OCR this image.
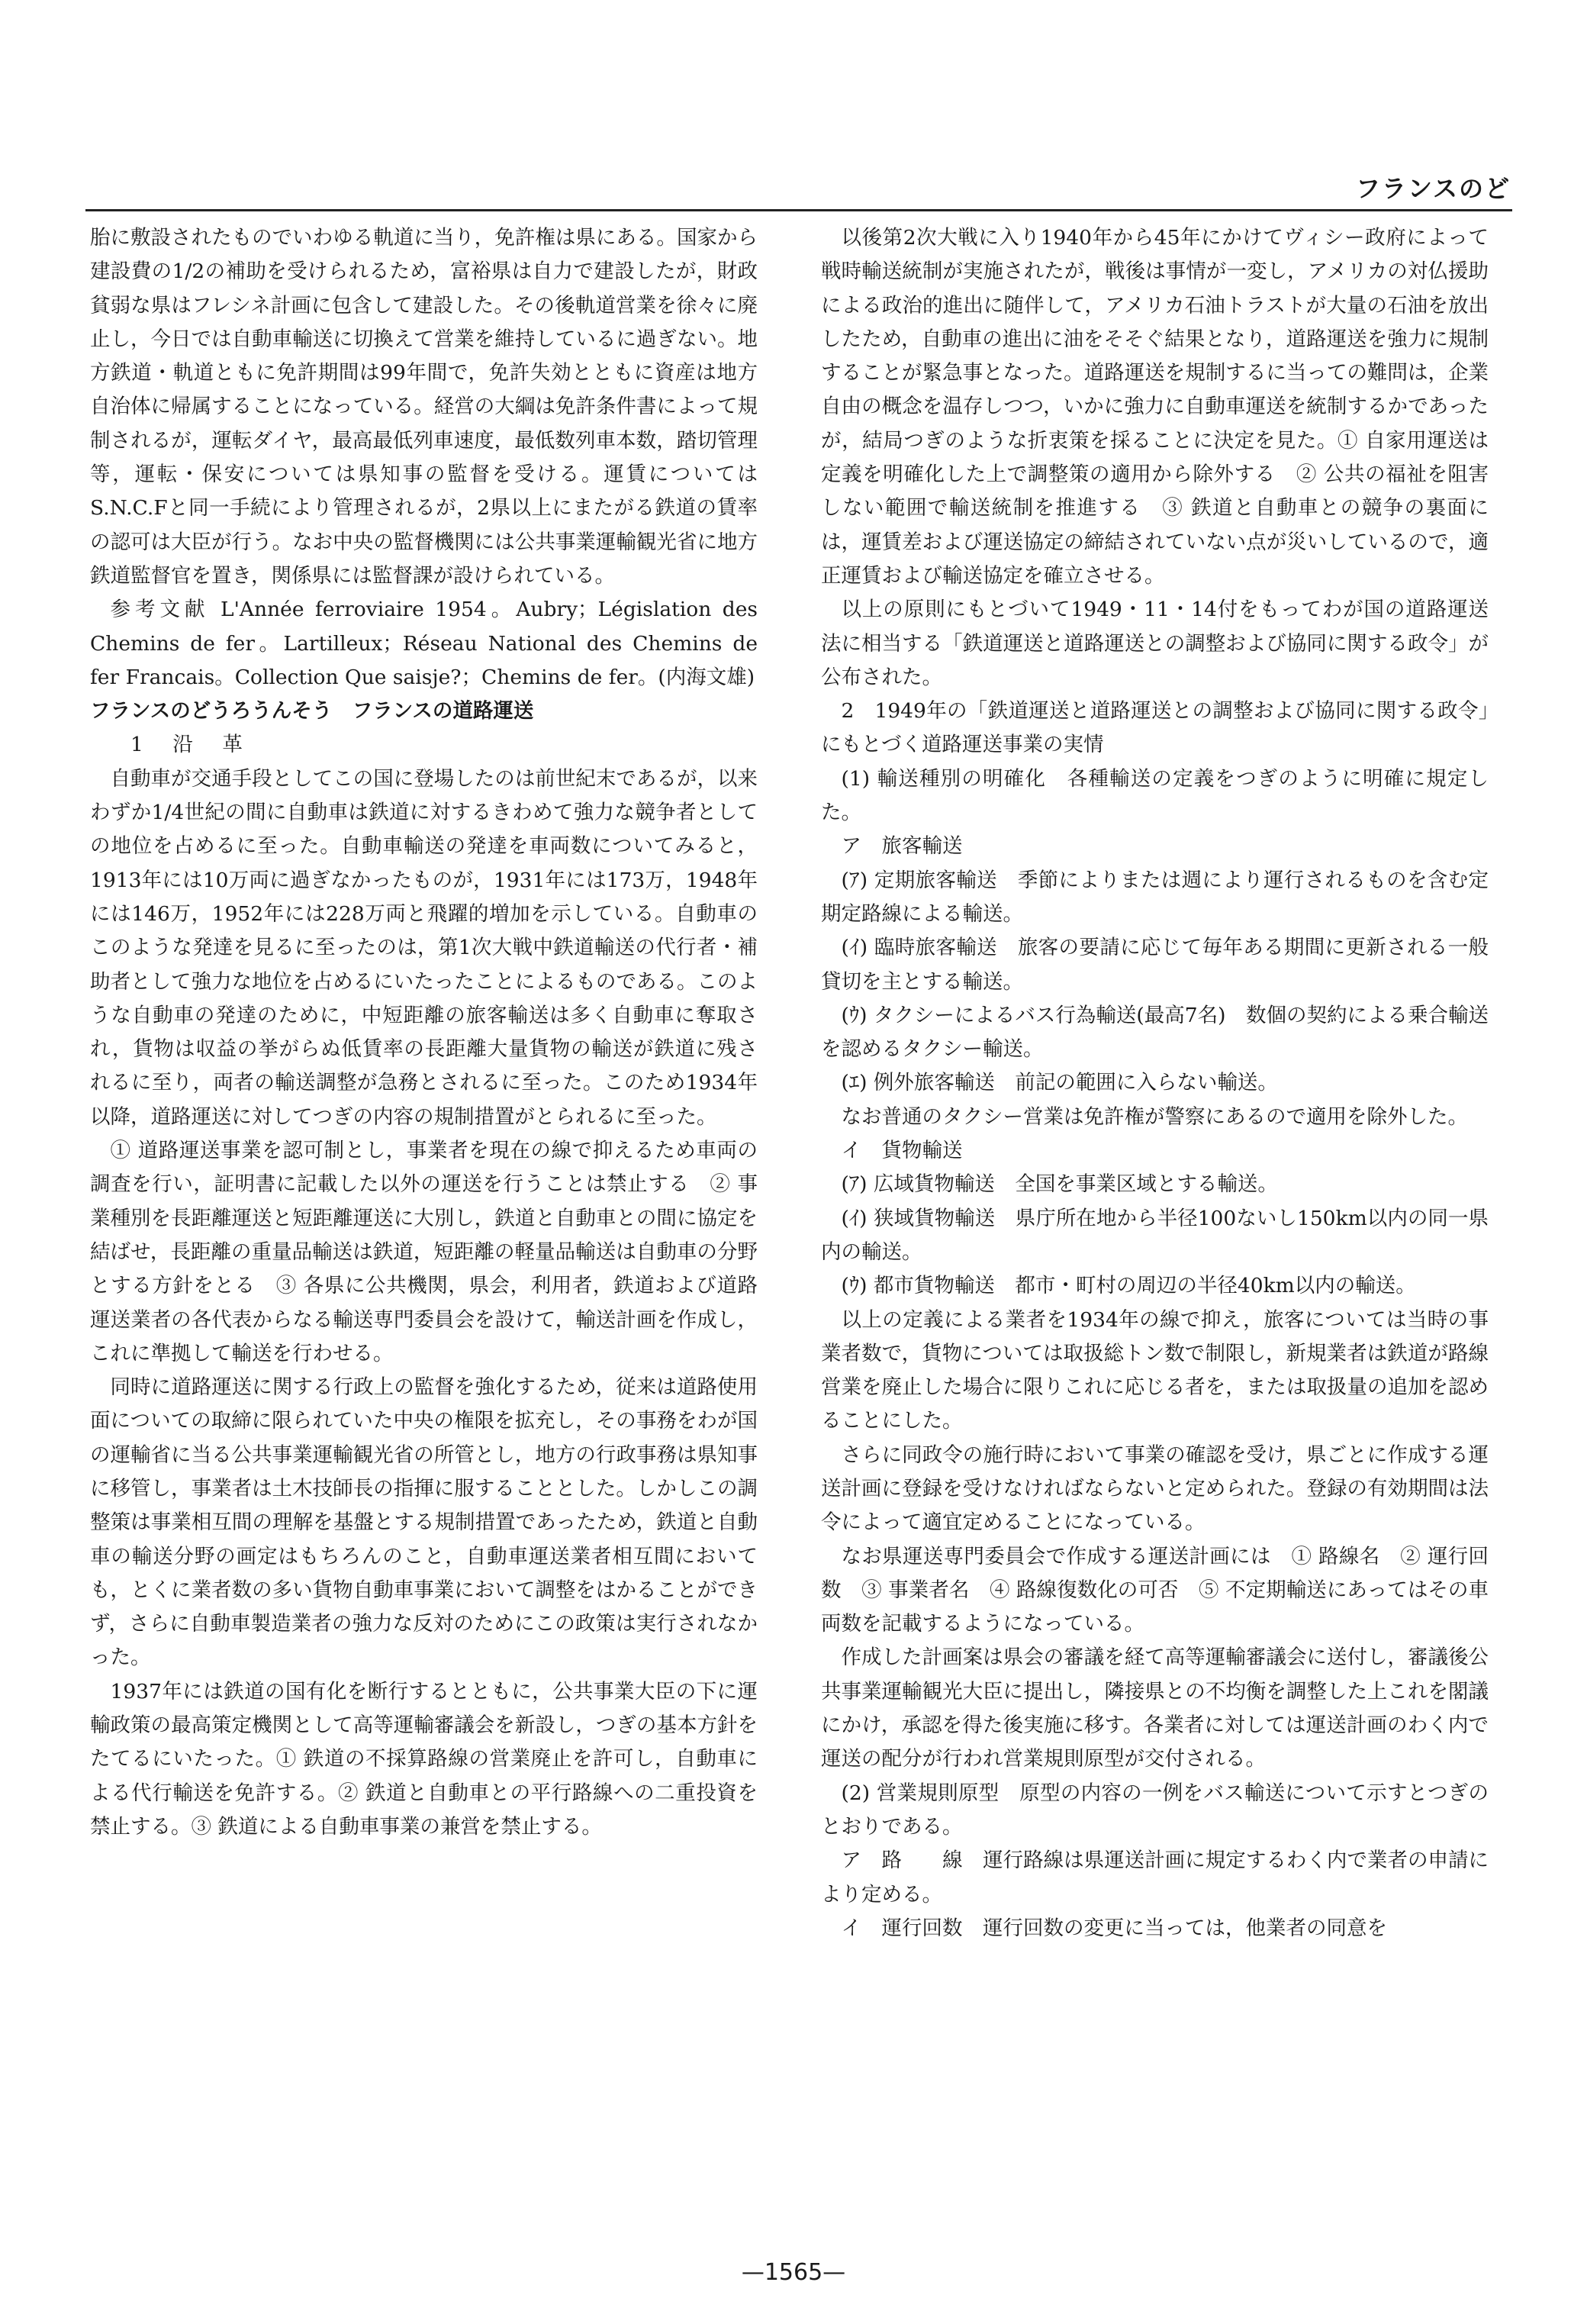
フランスのど

胎に敷設されたものでいわゆる軌道に当り，免許権は県にある。国家から建設費の1/2の補助を受けられるため，富裕県は自力で建設したが，財政貧弱な県はフレシネ計画に包含して建設した。その後軌道営業を徐々に廃止し，今日では自動車輸送に切換えて営業を維持しているに過ぎない。地方鉄道・軌道ともに免許期間は99年間で，免許失効とともに資産は地方自治体に帰属することになっている。経営の大綱は免許条件書によって規制されるが，運転ダイヤ，最高最低列車速度，最低数列車本数，踏切管理等，運転・保安については県知事の監督を受ける。運賃についてはS.N.C.Fと同一手続により管理されるが，2県以上にまたがる鉄道の賃率の認可は大臣が行う。なお中央の監督機関には公共事業運輸観光省に地方鉄道監督官を置き，関係県には監督課が設けられている。

参考文献 L'Année ferroviaire 1954。Aubry；Législation des Chemins de fer。Lartilleux；Réseau National des Chemins de fer Francais。Collection Que saisje?；Chemins de fer。(内海文雄)

フランスのどうろうんそう　フランスの道路運送

1　沿　革

自動車が交通手段としてこの国に登場したのは前世紀末であるが，以来わずか1/4世紀の間に自動車は鉄道に対するきわめて強力な競争者としての地位を占めるに至った。自動車輸送の発達を車両数についてみると，1913年には10万両に過ぎなかったものが，1931年には173万，1948年には146万，1952年には228万両と飛躍的増加を示している。自動車のこのような発達を見るに至ったのは，第1次大戦中鉄道輸送の代行者・補助者として強力な地位を占めるにいたったことによるものである。このような自動車の発達のために，中短距離の旅客輸送は多く自動車に奪取され，貨物は収益の挙がらぬ低賃率の長距離大量貨物の輸送が鉄道に残されるに至り，両者の輸送調整が急務とされるに至った。このため1934年以降，道路運送に対してつぎの内容の規制措置がとられるに至った。

① 道路運送事業を認可制とし，事業者を現在の線で抑えるため車両の調査を行い，証明書に記載した以外の運送を行うことは禁止する　② 事業種別を長距離運送と短距離運送に大別し，鉄道と自動車との間に協定を結ばせ，長距離の重量品輸送は鉄道，短距離の軽量品輸送は自動車の分野とする方針をとる　③ 各県に公共機関，県会，利用者，鉄道および道路運送業者の各代表からなる輸送専門委員会を設けて，輸送計画を作成し，これに準拠して輸送を行わせる。

同時に道路運送に関する行政上の監督を強化するため，従来は道路使用面についての取締に限られていた中央の権限を拡充し，その事務をわが国の運輸省に当る公共事業運輸観光省の所管とし，地方の行政事務は県知事に移管し，事業者は土木技師長の指揮に服することとした。しかしこの調整策は事業相互間の理解を基盤とする規制措置であったため，鉄道と自動車の輸送分野の画定はもちろんのこと，自動車運送業者相互間においても，とくに業者数の多い貨物自動車事業において調整をはかることができず，さらに自動車製造業者の強力な反対のためにこの政策は実行されなかった。

1937年には鉄道の国有化を断行するとともに，公共事業大臣の下に運輸政策の最高策定機関として高等運輸審議会を新設し，つぎの基本方針をたてるにいたった。① 鉄道の不採算路線の営業廃止を許可し，自動車による代行輸送を免許する。② 鉄道と自動車との平行路線への二重投資を禁止する。③ 鉄道による自動車事業の兼営を禁止する。

以後第2次大戦に入り1940年から45年にかけてヴィシー政府によって戦時輸送統制が実施されたが，戦後は事情が一変し，アメリカの対仏援助による政治的進出に随伴して，アメリカ石油トラストが大量の石油を放出したため，自動車の進出に油をそそぐ結果となり，道路運送を強力に規制することが緊急事となった。道路運送を規制するに当っての難問は，企業自由の概念を温存しつつ，いかに強力に自動車運送を統制するかであったが，結局つぎのような折衷策を採ることに決定を見た。① 自家用運送は定義を明確化した上で調整策の適用から除外する　② 公共の福祉を阻害しない範囲で輸送統制を推進する　③ 鉄道と自動車との競争の裏面には，運賃差および運送協定の締結されていない点が災いしているので，適正運賃および輸送協定を確立させる。

以上の原則にもとづいて1949・11・14付をもってわが国の道路運送法に相当する「鉄道運送と道路運送との調整および協同に関する政令」が公布された。

2　1949年の「鉄道運送と道路運送との調整および協同に関する政令」にもとづく道路運送事業の実情

(1) 輸送種別の明確化　各種輸送の定義をつぎのように明確に規定した。

ア　旅客輸送

(ｱ) 定期旅客輸送　季節によりまたは週により運行されるものを含む定期定路線による輸送。

(ｲ) 臨時旅客輸送　旅客の要請に応じて毎年ある期間に更新される一般貸切を主とする輸送。

(ｳ) タクシーによるバス行為輸送(最高7名)　数個の契約による乗合輸送を認めるタクシー輸送。

(ｴ) 例外旅客輸送　前記の範囲に入らない輸送。

なお普通のタクシー営業は免許権が警察にあるので適用を除外した。

イ　貨物輸送

(ｱ) 広域貨物輸送　全国を事業区域とする輸送。

(ｲ) 狭域貨物輸送　県庁所在地から半径100ないし150km以内の同一県内の輸送。

(ｳ) 都市貨物輸送　都市・町村の周辺の半径40km以内の輸送。

以上の定義による業者を1934年の線で抑え，旅客については当時の事業者数で，貨物については取扱総トン数で制限し，新規業者は鉄道が路線営業を廃止した場合に限りこれに応じる者を，または取扱量の追加を認めることにした。

さらに同政令の施行時において事業の確認を受け，県ごとに作成する運送計画に登録を受けなければならないと定められた。登録の有効期間は法令によって適宜定めることになっている。

なお県運送専門委員会で作成する運送計画には　① 路線名　② 運行回数　③ 事業者名　④ 路線復数化の可否　⑤ 不定期輸送にあってはその車両数を記載するようになっている。

作成した計画案は県会の審議を経て高等運輸審議会に送付し，審議後公共事業運輸観光大臣に提出し，隣接県との不均衡を調整した上これを閣議にかけ，承認を得た後実施に移す。各業者に対しては運送計画のわく内で運送の配分が行われ営業規則原型が交付される。

(2) 営業規則原型　原型の内容の一例をバス輸送について示すとつぎのとおりである。

ア　路　　線　運行路線は県運送計画に規定するわく内で業者の申請により定める。

イ　運行回数　運行回数の変更に当っては，他業者の同意を

—1565—
